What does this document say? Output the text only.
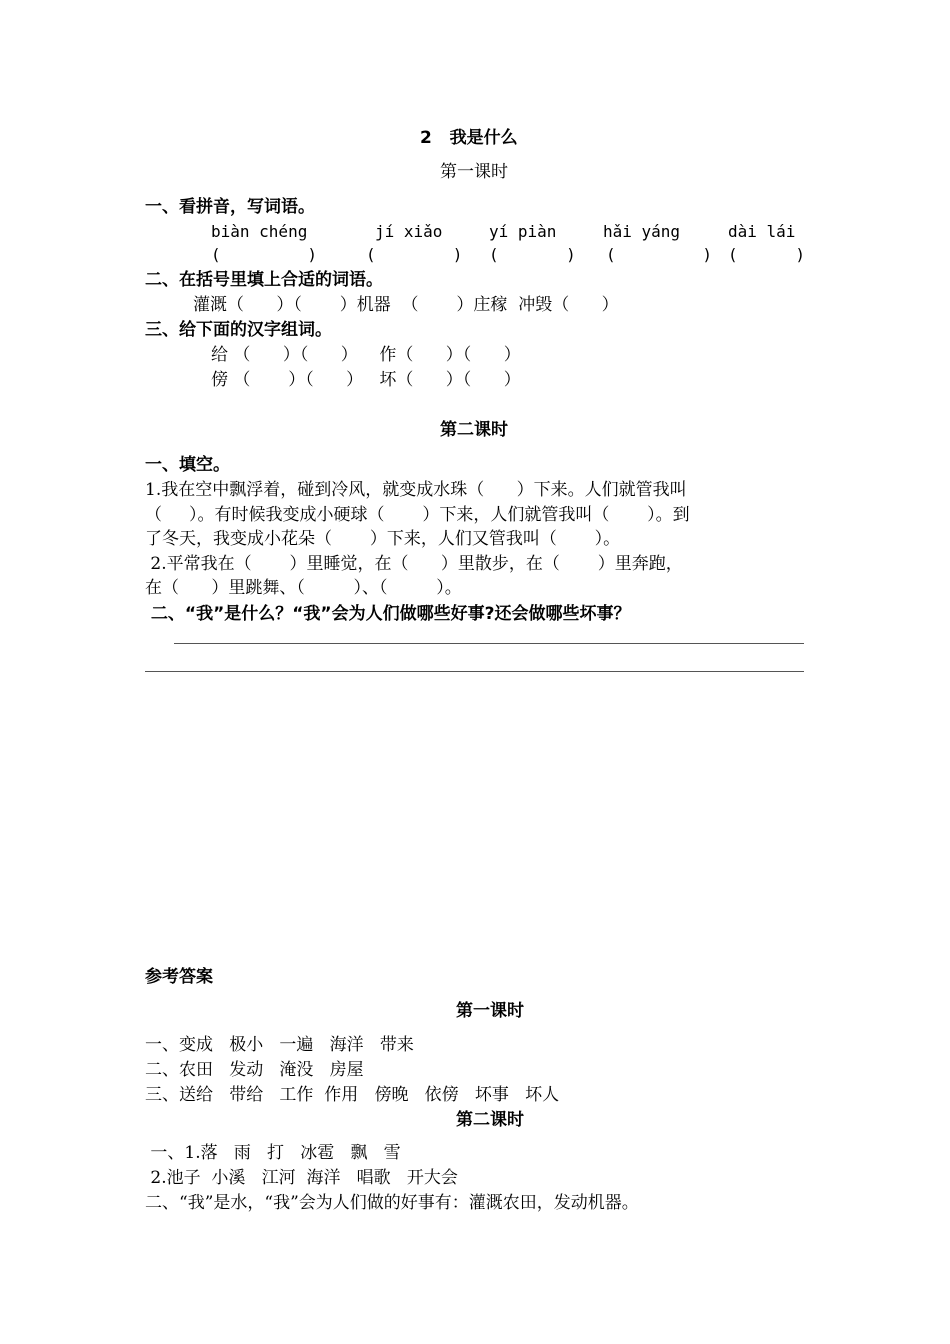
2   我是什么
第一课时
一、看拼音，写词语。
biàn chéng	jí xiǎo	yí piàn	hǎi yáng	dài lái
(         )	(        ) (       ) (         ) (      )
二、在括号里填上合适的词语。
灌溉（      ）（       ）机器  （       ）庄稼  冲毁（      ）
三、给下面的汉字组词。
给 （      ）（      ）    作（      ）（      ）
傍 （       ）（      ）   坏（      ）（      ）
第二课时
一、填空。
1.我在空中飘浮着，碰到冷风，就变成水珠（      ）下来。人们就管我叫
（     ）。有时候我变成小硬球（       ）下来，人们就管我叫（       ）。到
了冬天，我变成小花朵（       ）下来，人们又管我叫（       ）。
2.平常我在（       ）里睡觉，在（      ）里散步，在（       ）里奔跑，
在（      ）里跳舞、（         ）、（         ）。
二、“我”是什么？“我”会为人们做哪些好事?还会做哪些坏事？
参考答案
第一课时
一、变成   极小   一遍   海洋   带来
二、农田   发动   淹没   房屋
三、送给   带给   工作  作用   傍晚   依傍   坏事   坏人
第二课时
一、1.落   雨   打   冰雹   飘   雪
2.池子  小溪   江河  海洋   唱歌   开大会
二、“我”是水，“我”会为人们做的好事有：灌溉农田，发动机器。
